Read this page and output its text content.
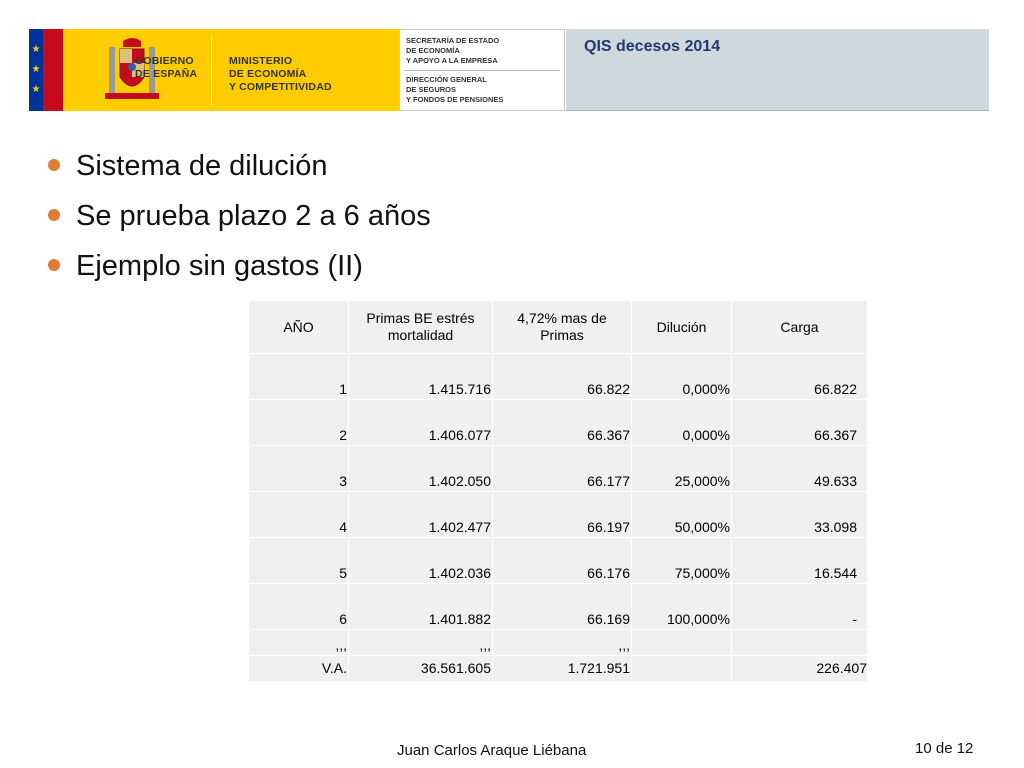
★
★
★
GOBIERNO
DE ESPAÑA
MINISTERIO
DE ECONOMÍA
Y COMPETITIVIDAD
SECRETARÍA DE ESTADO
DE ECONOMÍA
Y APOYO A LA EMPRESA
DIRECCIÓN GENERAL
DE SEGUROS
Y FONDOS DE PENSIONES
QIS decesos 2014
Sistema de dilución
Se prueba plazo 2 a 6 años
Ejemplo sin gastos (II)
AÑO	Primas BE estrés mortalidad	4,72% mas de Primas	Dilución	Carga
1	1.415.716	66.822	0,000%	66.822
2	1.406.077	66.367	0,000%	66.367
3	1.402.050	66.177	25,000%	49.633
4	1.402.477	66.197	50,000%	33.098
5	1.402.036	66.176	75,000%	16.544
6	1.401.882	66.169	100,000%	-
,,,	,,,	,,,		
V.A.	36.561.605	1.721.951		226.407
Juan Carlos Araque Liébana	10 de 12
